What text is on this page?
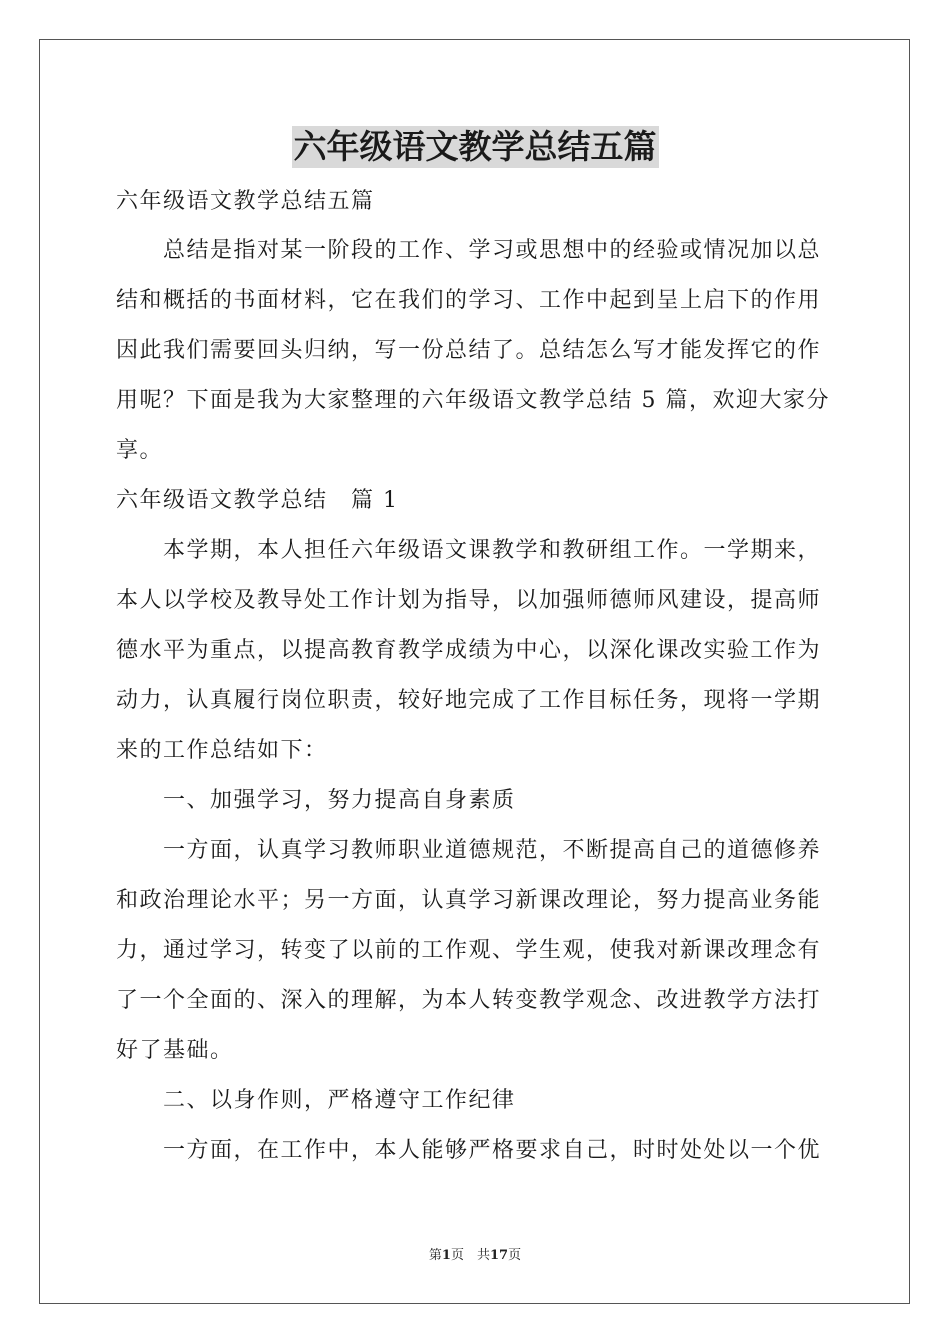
六年级语文教学总结五篇
六年级语文教学总结五篇
　　总结是指对某一阶段的工作、学习或思想中的经验或情况加以总
结和概括的书面材料，它在我们的学习、工作中起到呈上启下的作用
因此我们需要回头归纳，写一份总结了。总结怎么写才能发挥它的作
用呢？下面是我为大家整理的六年级语文教学总结 5 篇，欢迎大家分
享。
六年级语文教学总结　篇 1
　　本学期，本人担任六年级语文课教学和教研组工作。一学期来，
本人以学校及教导处工作计划为指导，以加强师德师风建设，提高师
德水平为重点，以提高教育教学成绩为中心，以深化课改实验工作为
动力，认真履行岗位职责，较好地完成了工作目标任务，现将一学期
来的工作总结如下：
　　一、加强学习，努力提高自身素质
　　一方面，认真学习教师职业道德规范，不断提高自己的道德修养
和政治理论水平；另一方面，认真学习新课改理论，努力提高业务能
力，通过学习，转变了以前的工作观、学生观，使我对新课改理念有
了一个全面的、深入的理解，为本人转变教学观念、改进教学方法打
好了基础。
　　二、以身作则，严格遵守工作纪律
　　一方面，在工作中，本人能够严格要求自己，时时处处以一个优
第1页　共17页
